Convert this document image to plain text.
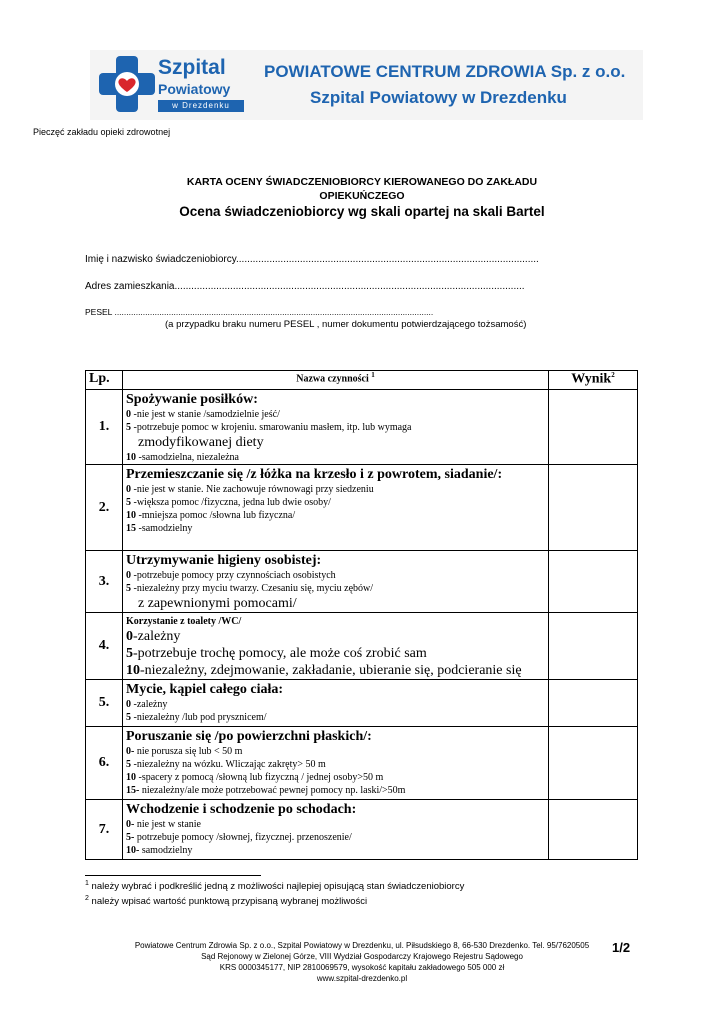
Szpital
Powiatowy
w Drezdenku
POWIATOWE CENTRUM ZDROWIA Sp. z o.o.
Szpital Powiatowy w Drezdenku
Pieczęć zakładu opieki zdrowotnej
KARTA OCENY ŚWIADCZENIOBIORCY KIEROWANEGO DO ZAKŁADU
OPIEKUŃCZEGO
Ocena świadczeniobiorcy wg skali opartej na skali Bartel
Imię i nazwisko świadczeniobiorcy.............................................................................................................
Adres zamieszkania..............................................................................................................................
PESEL .......................................................................................................................................
(a przypadku braku numeru PESEL , numer dokumentu potwierdzającego tożsamość)
Lp.	Nazwa czynności $^1$	Wynik$^2$
1.	Spożywanie posiłków:
0 -nie jest w stanie /samodzielnie jeść/
5 -potrzebuje pomoc w krojeniu. smarowaniu masłem, itp. lub wymaga
zmodyfikowanej diety
10 -samodzielna, niezależna	

2.	Przemieszczanie się /z łóżka na krzesło i z powrotem, siadanie/:
0 -nie jest w stanie. Nie zachowuje równowagi przy siedzeniu
5 -większa pomoc /fizyczna, jedna lub dwie osoby/
10 -mniejsza pomoc /słowna lub fizyczna/
15 -samodzielny	

3.	Utrzymywanie higieny osobistej:
0 -potrzebuje pomocy przy czynnościach osobistych
5 -niezależny przy myciu twarzy. Czesaniu się, myciu zębów/
z zapewnionymi pomocami/	

4.	Korzystanie z toalety /WC/
0-zależny
5-potrzebuje trochę pomocy, ale może coś zrobić sam
10-niezależny, zdejmowanie, zakładanie, ubieranie się, podcieranie się	

5.	Mycie, kąpiel całego ciała:
0 -zależny
5 -niezależny /lub pod prysznicem/	

6.	Poruszanie się /po powierzchni płaskich/:
0- nie porusza się lub < 50 m
5 -niezależny na wózku. Wliczając zakręty> 50 m
10 -spacery z pomocą /słowną lub fizyczną / jednej osoby>50 m
15- niezależny/ale może potrzebować pewnej pomocy np. laski/>50m	

7.	Wchodzenie i schodzenie po schodach:
0- nie jest w stanie
5- potrzebuje pomocy /słownej, fizycznej. przenoszenie/
10- samodzielny	

$^1$ należy wybrać i podkreślić jedną z możliwości najlepiej opisującą stan świadczeniobiorcy
$^2$ należy wpisać wartość punktową przypisaną wybranej możliwości
Powiatowe Centrum Zdrowia Sp. z o.o., Szpital Powiatowy w Drezdenku, ul. Piłsudskiego 8, 66-530 Drezdenko. Tel. 95/7620505
Sąd Rejonowy w Zielonej Górze, VIII Wydział Gospodarczy Krajowego Rejestru Sądowego
KRS 0000345177, NIP 2810069579, wysokość kapitału zakładowego 505 000 zł
www.szpital-drezdenko.pl
1/2
